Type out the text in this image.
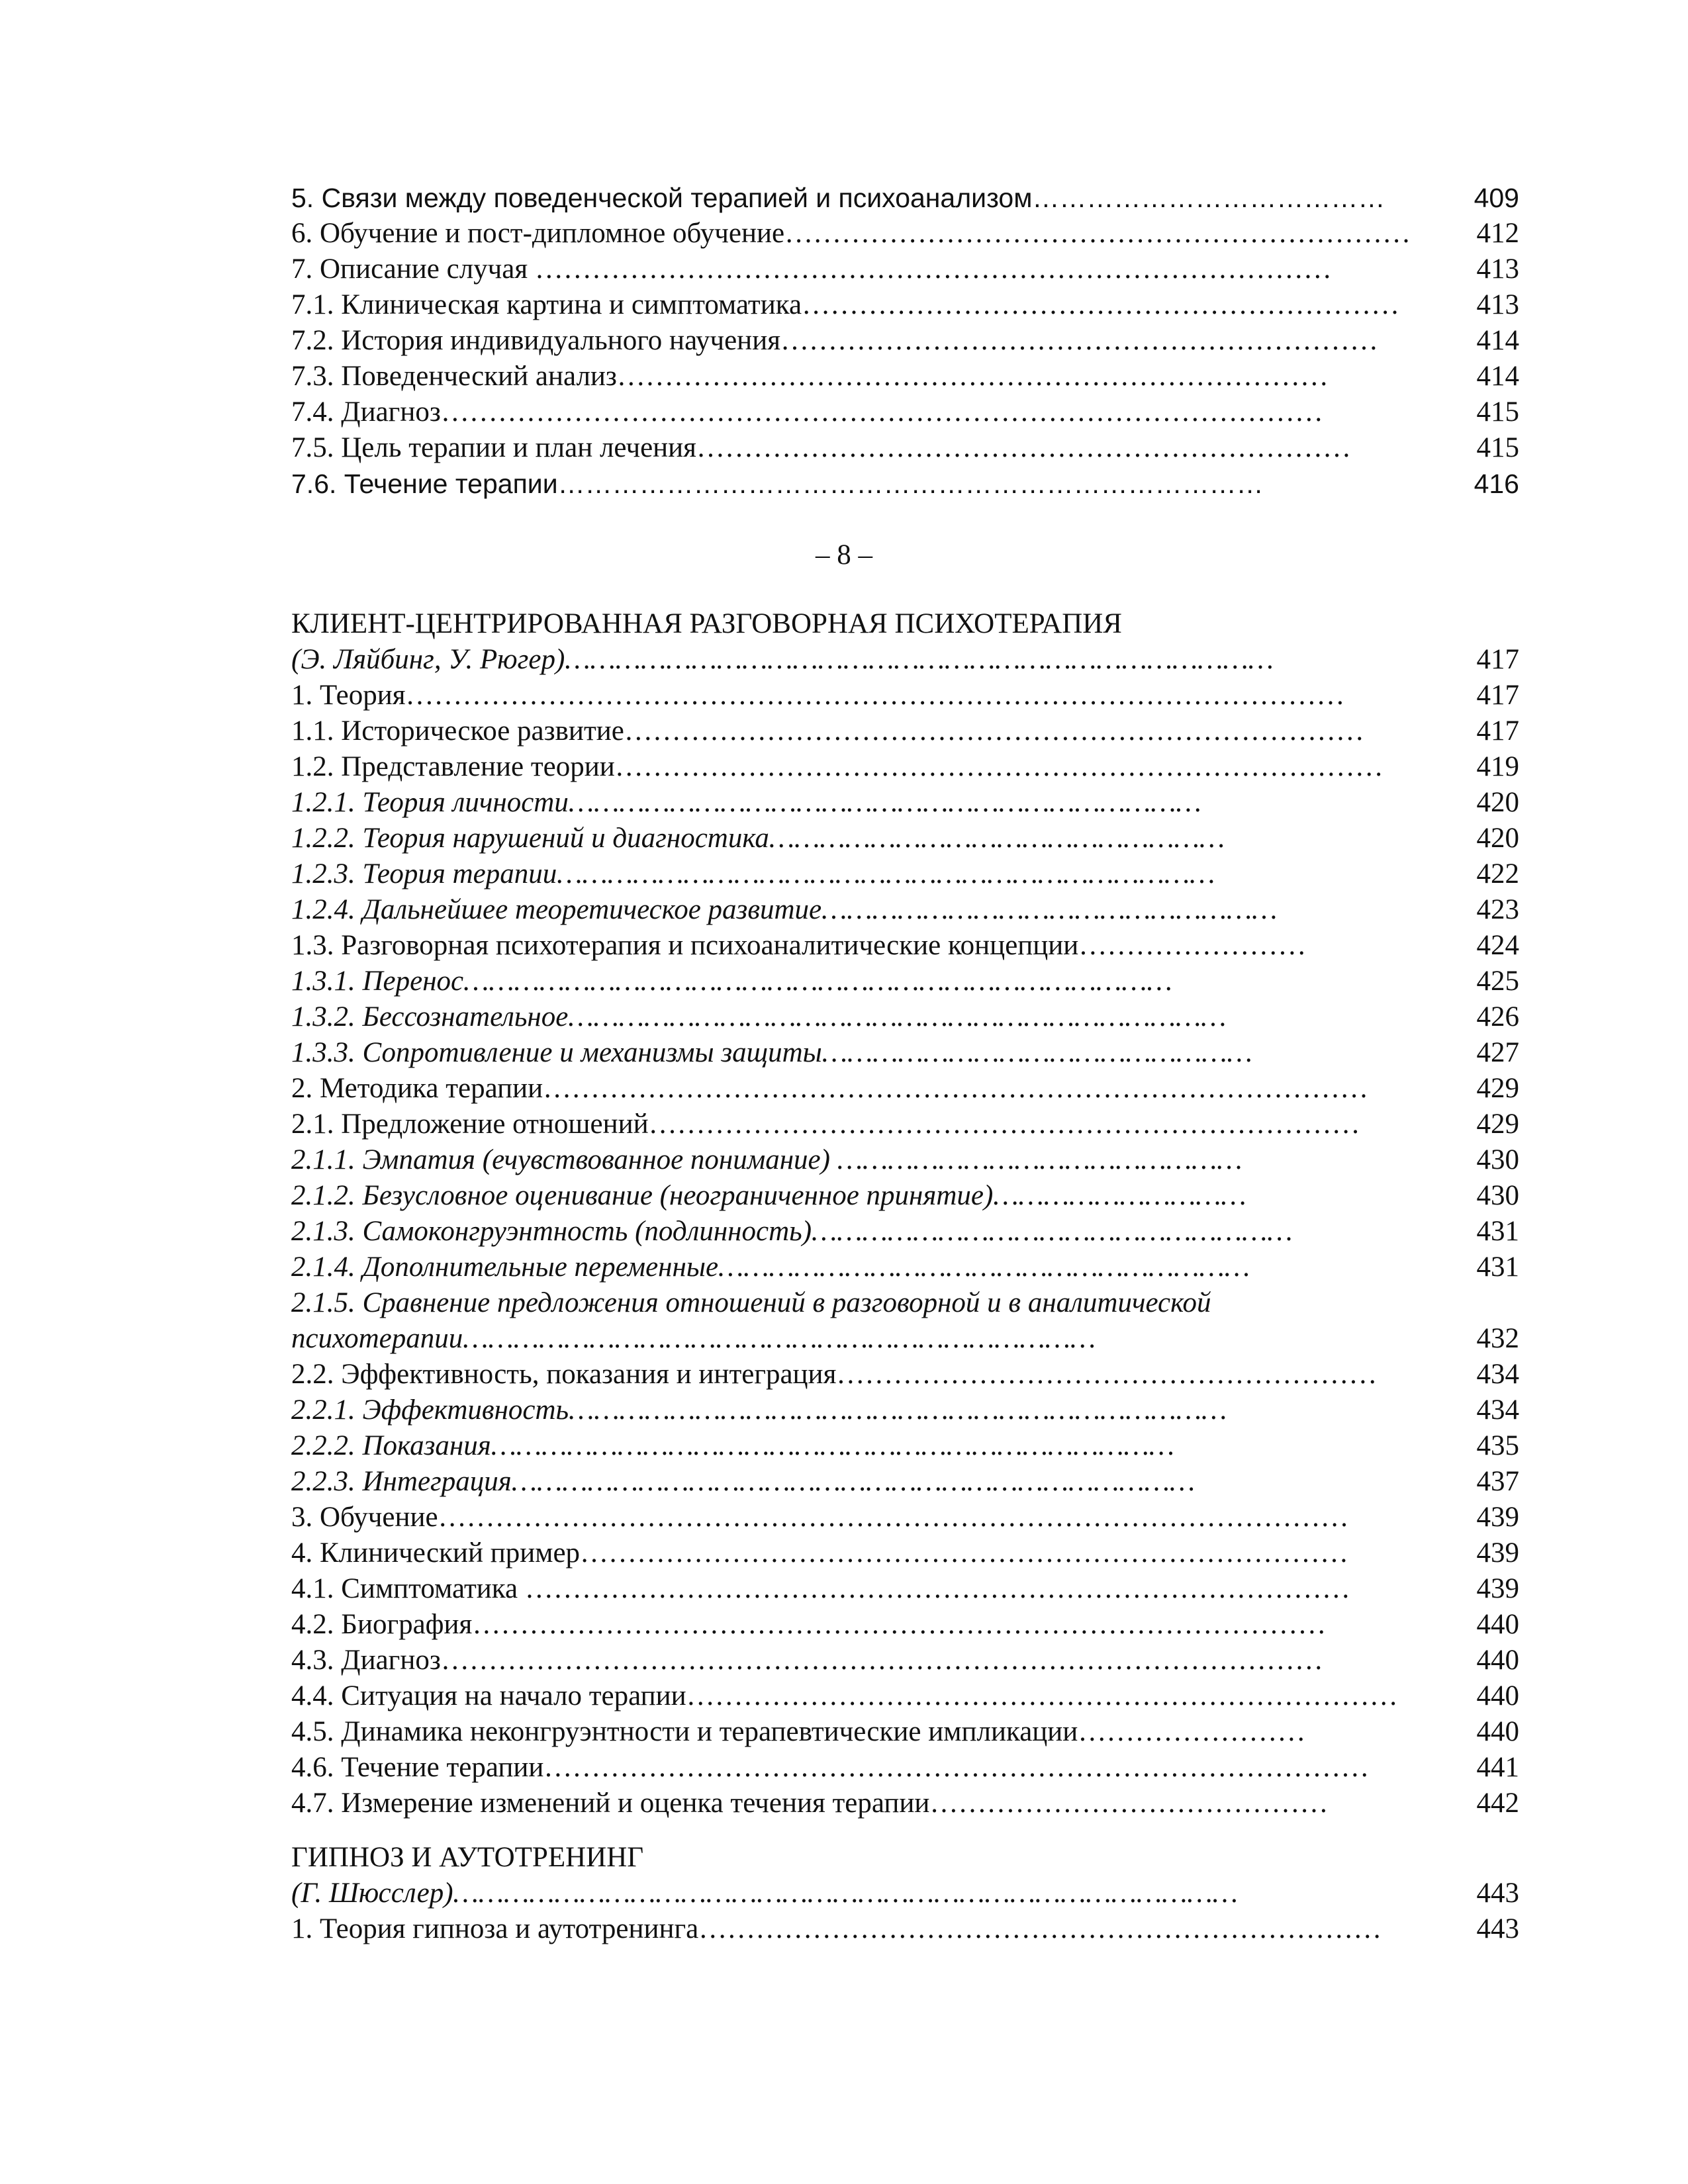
5. Связи между поведенческой терапией и психоанализом…………………………………	409
6. Обучение и пост-дипломное обучение………………………………………………………… 412
7. Описание случая …………………………………………………………………………	413
7.1. Клиническая картина и симптоматика………………………………………………………	413
7.2. История индивидуального научения………………………………………………………	414
7.3. Поведенческий анализ…………………………………………………………………	414
7.4. Диагноз…………………………………………………………………………………	415
7.5. Цель терапии и план лечения……………………………………………………………	415
7.6. Течение терапии……………………………………………………………………	416
– 8 –
КЛИЕНТ-ЦЕНТРИРОВАННАЯ РАЗГОВОРНАЯ ПСИХОТЕРАПИЯ
(Э. Ляйбинг, У. Рюгер)…………………………………………………………………………	417
1. Теория………………………………………………………………………………………	417
1.1. Историческое развитие……………………………………………………………………	417
1.2. Представление теории………………………………………………………………………	419
1.2.1. Теория личности…………………………………………………………………	420
1.2.2. Теория нарушений и диагностика………………………………………………	420
1.2.3. Теория терапии……………………………………………………………………	422
1.2.4. Дальнейшее теоретическое развитие………………………………………………	423
1.3. Разговорная психотерапия и психоаналитические концепции……………………	424
1.3.1. Перенос…………………………………………………………………………	425
1.3.2. Бессознательное……………………………………………………………………	426
1.3.3. Сопротивление и механизмы защиты……………………………………………	427
2. Методика терапии……………………………………………………………………………	429
2.1. Предложение отношений…………………………………………………………………	429
2.1.1. Эмпатия (ечувствованное понимание) …………………………………………	430
2.1.2. Безусловное оценивание (неограниченное принятие)…………………………	430
2.1.3. Самоконгруэнтность (подлинность)…………………………………………………	431
2.1.4. Дополнительные переменные………………………………………………………	431
2.1.5. Сравнение предложения отношений в разговорной и в аналитической
психотерапии…………………………………………………………………	432
2.2. Эффективность, показания и интеграция…………………………………………………	434
2.2.1. Эффективность……………………………………………………………………	434
2.2.2. Показания………………………………………………………………………	435
2.2.3. Интеграция………………………………………………………………………	437
3. Обучение……………………………………………………………………………………	439
4. Клинический пример………………………………………………………………………	439
4.1. Симптоматика ……………………………………………………………………………	439
4.2. Биография………………………………………………………………………………	440
4.3. Диагноз…………………………………………………………………………………	440
4.4. Ситуация на начало терапии…………………………………………………………………	440
4.5. Динамика неконгруэнтности и терапевтические импликации……………………	440
4.6. Течение терапии……………………………………………………………………………	441
4.7. Измерение изменений и оценка течения терапии……………………………………	442
ГИПНОЗ И АУТОТРЕНИНГ
(Г. Шюсслер)…………………………………………………………………………………	443
1. Теория гипноза и аутотренинга………………………………………………………………	443
